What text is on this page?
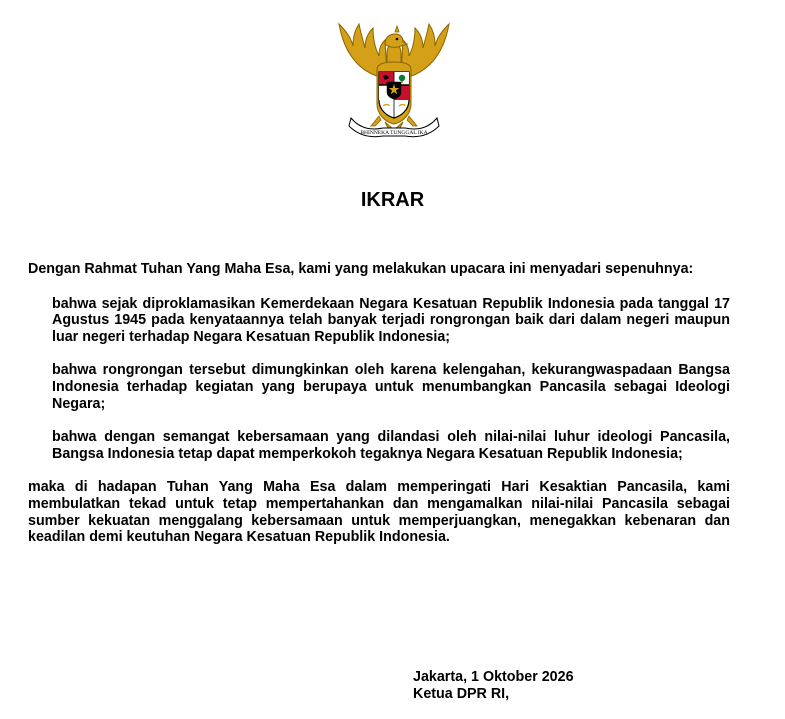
BHINNEKA TUNGGAL IKA
IKRAR

Dengan Rahmat Tuhan Yang Maha Esa, kami yang melakukan upacara ini menyadari sepenuhnya:

bahwa sejak diproklamasikan Kemerdekaan Negara Kesatuan Republik Indonesia pada tanggal 17 Agustus 1945 pada kenyataannya telah banyak terjadi rongrongan baik dari dalam negeri maupun luar negeri terhadap Negara Kesatuan Republik Indonesia;

bahwa rongrongan tersebut dimungkinkan oleh karena kelengahan, kekurangwaspadaan Bangsa Indonesia terhadap kegiatan yang berupaya untuk menumbangkan Pancasila sebagai Ideologi Negara;

bahwa dengan semangat kebersamaan yang dilandasi oleh nilai-nilai luhur ideologi Pancasila, Bangsa Indonesia tetap dapat memperkokoh tegaknya Negara Kesatuan Republik Indonesia;

maka di hadapan Tuhan Yang Maha Esa dalam memperingati Hari Kesaktian Pancasila, kami membulatkan tekad untuk tetap mempertahankan dan mengamalkan nilai-nilai Pancasila sebagai sumber kekuatan menggalang kebersamaan untuk memperjuangkan, menegakkan kebenaran dan keadilan demi keutuhan Negara Kesatuan Republik Indonesia.

Jakarta, 1 Oktober 2026
Ketua DPR RI,
